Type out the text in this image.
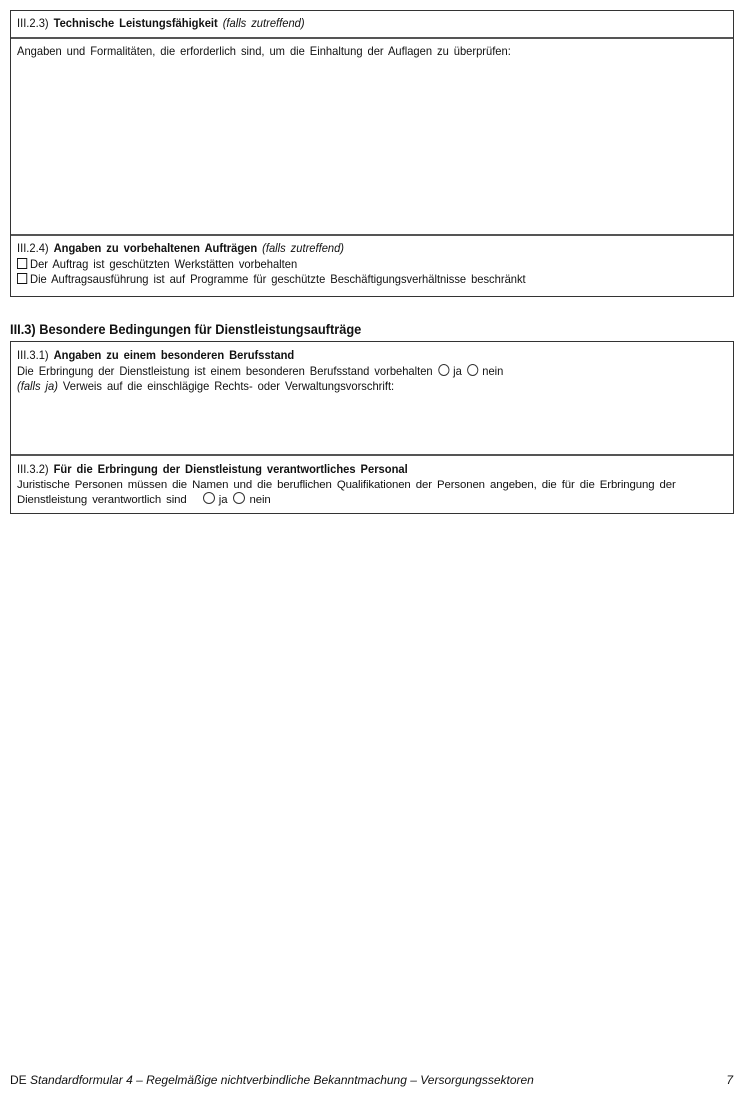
III.2.3) Technische Leistungsfähigkeit (falls zutreffend)
Angaben und Formalitäten, die erforderlich sind, um die Einhaltung der Auflagen zu überprüfen:
III.2.4) Angaben zu vorbehaltenen Aufträgen (falls zutreffend)
Der Auftrag ist geschützten Werkstätten vorbehalten
Die Auftragsausführung ist auf Programme für geschützte Beschäftigungsverhältnisse beschränkt
III.3) Besondere Bedingungen für Dienstleistungsaufträge
III.3.1) Angaben zu einem besonderen Berufsstand
Die Erbringung der Dienstleistung ist einem besonderen Berufsstand vorbehalten ja nein
(falls ja) Verweis auf die einschlägige Rechts- oder Verwaltungsvorschrift:
III.3.2) Für die Erbringung der Dienstleistung verantwortliches Personal
Juristische Personen müssen die Namen und die beruflichen Qualifikationen der Personen angeben, die für die Erbringung der Dienstleistung verantwortlich sind	ja nein
DE Standardformular 4 – Regelmäßige nichtverbindliche Bekanntmachung – Versorgungssektoren	7
